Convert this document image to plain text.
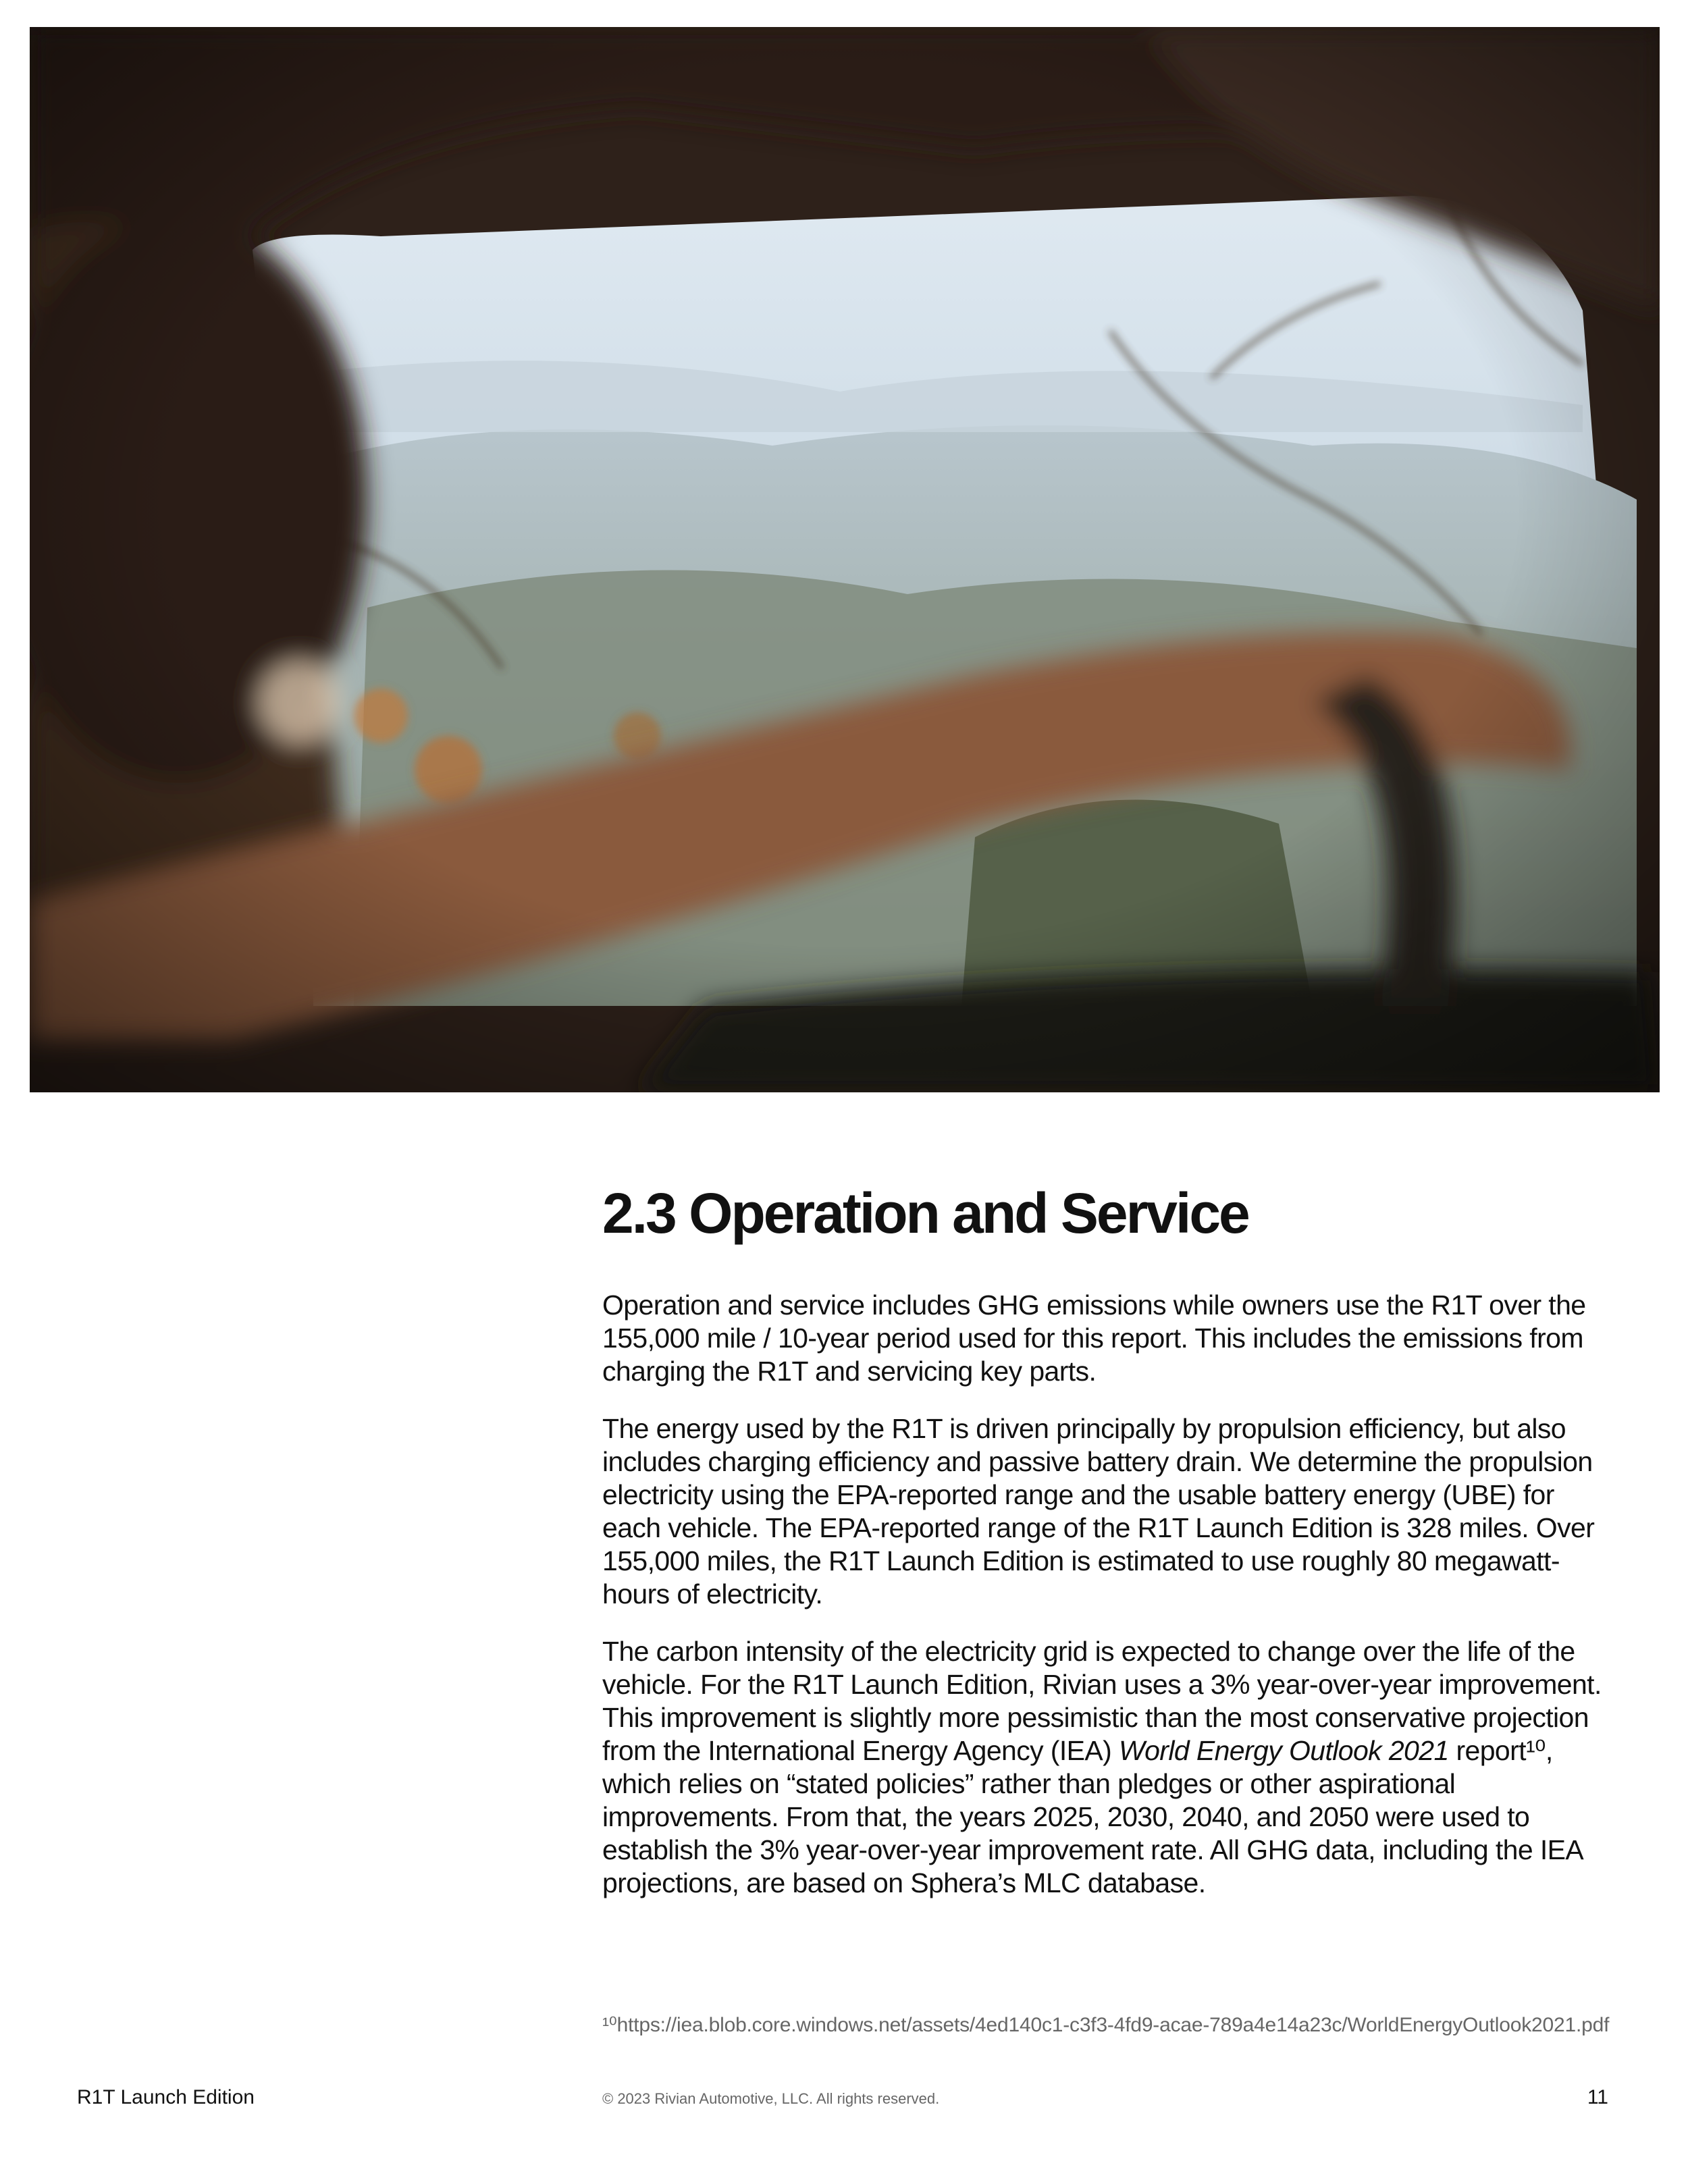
2.3 Operation and Service

Operation and service includes GHG emissions while owners use the R1T over the 155,000 mile / 10-year period used for this report. This includes the emissions from charging the R1T and servicing key parts.

The energy used by the R1T is driven principally by propulsion efficiency, but also includes charging efficiency and passive battery drain. We determine the propulsion electricity using the EPA-reported range and the usable battery energy (UBE) for each vehicle. The EPA-reported range of the R1T Launch Edition is 328 miles. Over 155,000 miles, the R1T Launch Edition is estimated to use roughly 80 megawatt-hours of electricity.

The carbon intensity of the electricity grid is expected to change over the life of the vehicle. For the R1T Launch Edition, Rivian uses a 3% year-over-year improvement. This improvement is slightly more pessimistic than the most conservative projection from the International Energy Agency (IEA) World Energy Outlook 2021 report¹⁰, which relies on “stated policies” rather than pledges or other aspirational improvements. From that, the years 2025, 2030, 2040, and 2050 were used to establish the 3% year-over-year improvement rate. All GHG data, including the IEA projections, are based on Sphera’s MLC database.

¹⁰https://iea.blob.core.windows.net/assets/4ed140c1-c3f3-4fd9-acae-789a4e14a23c/WorldEnergyOutlook2021.pdf
R1T Launch Edition	© 2023 Rivian Automotive, LLC. All rights reserved.	11
